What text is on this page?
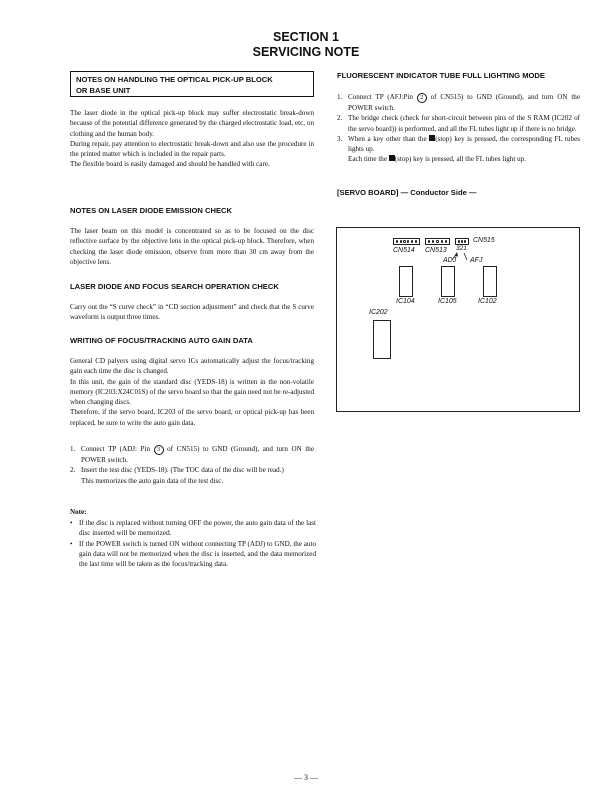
SECTION 1
SERVICING NOTE
NOTES ON HANDLING THE OPTICAL PICK-UP BLOCK
OR BASE UNIT

The laser diode in the optical pick-up block may suffer electrostatic break-down because of the potential difference generated by the charged electrostatic load, etc, on clothing and the human body.

During repair, pay attention to electrostatic break-down and also use the procedure in the printed matter which is included in the repair parts.

The flexible board is easily damaged and should be handled with care.

NOTES ON LASER DIODE EMISSION CHECK
The laser beam on this model is concentrated so as to be focused on the disc reflective surface by the objective lens in the optical pick-up block. Therefore, when checking the laser diode emission, observe from more than 30 cm away from the objective lens.
LASER DIODE AND FOCUS SEARCH OPERATION CHECK
Carry out the “S curve check” in “CD section adjustment” and check that the S curve waveform is output three times.
WRITING OF FOCUS/TRACKING AUTO GAIN DATA

General CD palyers using digital servo ICs automatically adjust the focus/tracking gain each time the disc is changed.

In this unit, the gain of the standard disc (YEDS-18) is written in the non-volatile memory (IC203:X24C01S) of the servo board so that the gain need not be re-adjusted when changing discs.

Therefore, if the servo board, IC203 of the servo board, or optical pick-up has been replaced, be sure to write the auto gain data.

1. Connect TP (ADJ: Pin 3 of CN515) to GND (Ground), and turn ON the POWER switch.
2. Insert the test disc (YEDS-18). (The TOC data of the disc will be read.)
This memorizes the auto gain data of the test disc.
Note:
• If the disc is replaced without turning OFF the power, the auto gain data of the last disc inserted will be memorized.
• If the POWER switch is turned ON without connecting TP (ADJ) to GND, the auto gain data will not be memorized when the disc is inserted, and the data memorized the last time will be taken as the focus/tracking data.
FLUORESCENT INDICATOR TUBE FULL LIGHTING MODE
1. Connect TP (AFJ:Pin 2 of CN515) to GND (Ground), and turn ON the POWER switch.
2. The bridge check (check for short-circuit between pins of the S RAM (IC202 of the servo board)) is performed, and all the FL tubes light up if there is no bridge.
3. When a key other than the (stop) key is pressed, the corresponding FL tubes lights up.
Each time the (stop) key is pressed, all the FL tubes light up.
[SERVO BOARD] — Conductor Side —
CN515
CN514 CN513 321
ADJ AFJ
IC104	IC105	IC102
IC202
— 3 —
